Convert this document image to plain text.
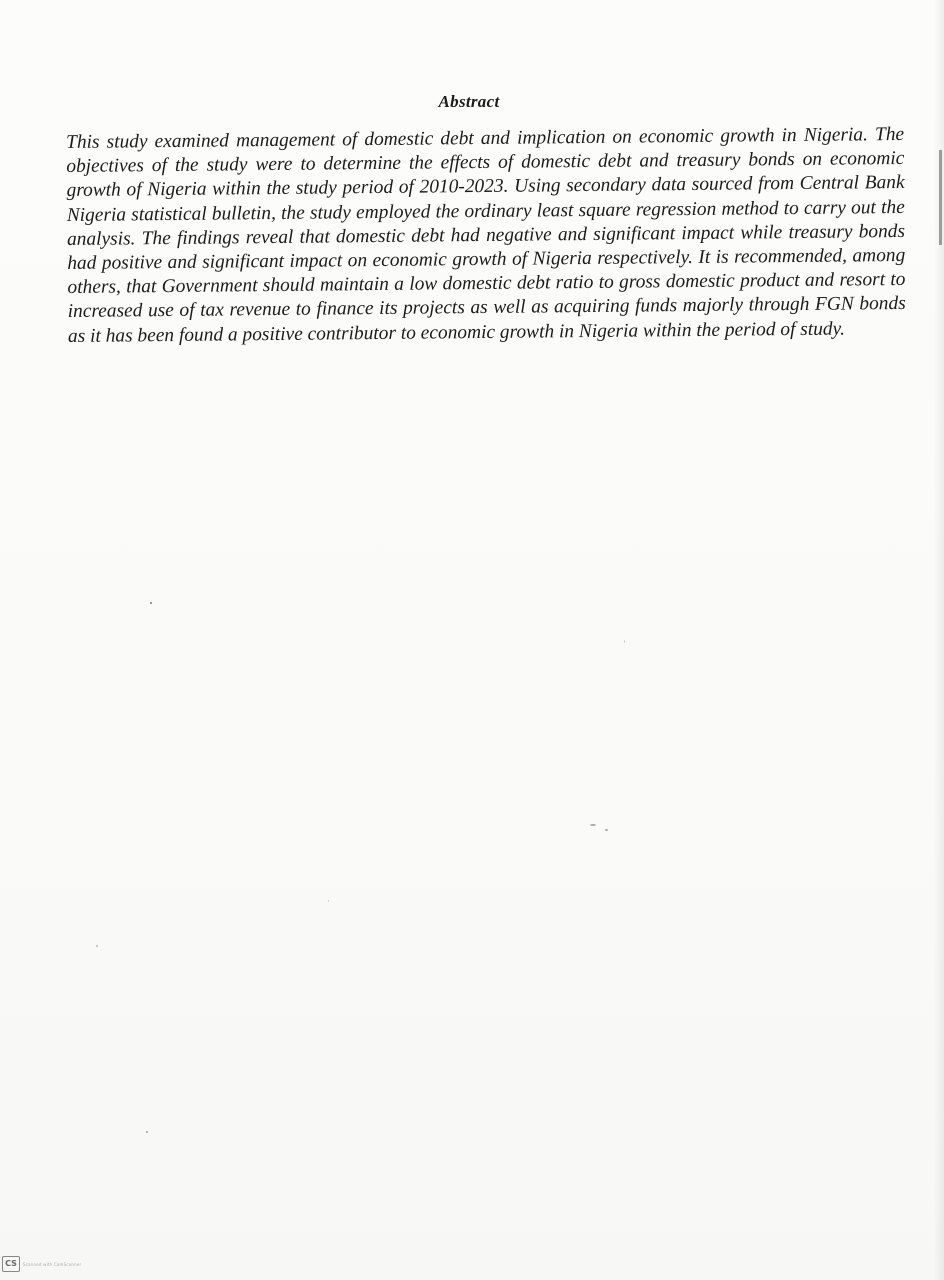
Abstract

This study examined management of domestic debt and implication on economic growth in Nigeria. The objectives of the study were to determine the effects of domestic debt and treasury bonds on economic growth of Nigeria within the study period of 2010-2023. Using secondary data sourced from Central Bank Nigeria statistical bulletin, the study employed the ordinary least square regression method to carry out the analysis. The findings reveal that domestic debt had negative and significant impact while treasury bonds had positive and significant impact on economic growth of Nigeria respectively. It is recommended, among others, that Government should maintain a low domestic debt ratio to gross domestic product and resort to increased use of tax revenue to finance its projects as well as acquiring funds majorly through FGN bonds as it has been found a positive contributor to economic growth in Nigeria within the period of study.

CS	Scanned with CamScanner
